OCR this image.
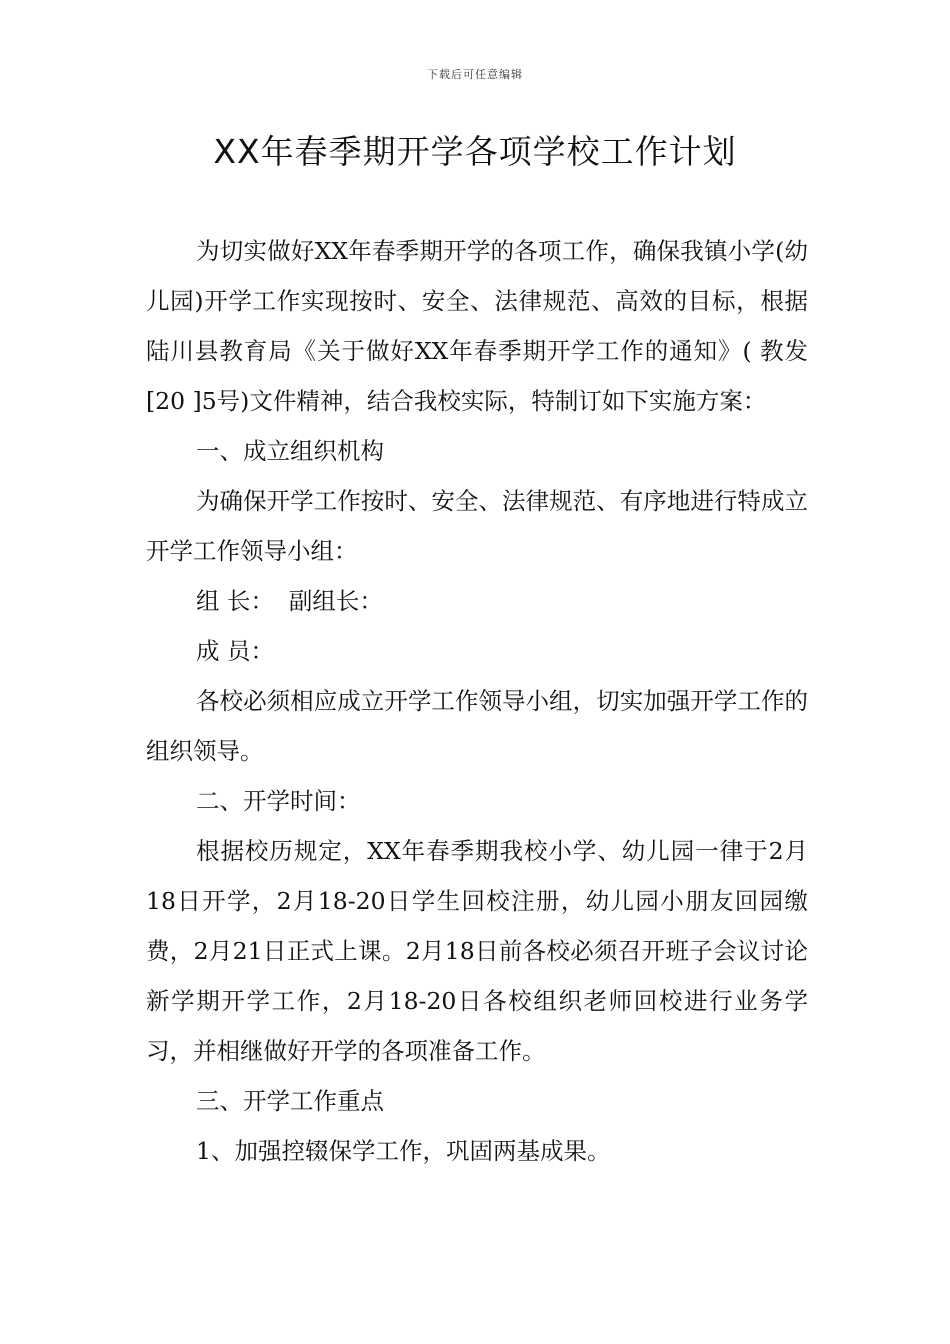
下载后可任意编辑
XX年春季期开学各项学校工作计划

为切实做好XX年春季期开学的各项工作，确保我镇小学(幼儿园)开学工作实现按时、安全、法律规范、高效的目标，根据陆川县教育局《关于做好XX年春季期开学工作的通知》( 教发[20 ]5号)文件精神，结合我校实际，特制订如下实施方案：

一、成立组织机构

为确保开学工作按时、安全、法律规范、有序地进行特成立开学工作领导小组：

组 长：  副组长：

成 员：

各校必须相应成立开学工作领导小组，切实加强开学工作的组织领导。

二、开学时间：

根据校历规定，XX年春季期我校小学、幼儿园一律于2月18日开学，2月18-20日学生回校注册，幼儿园小朋友回园缴费，2月21日正式上课。2月18日前各校必须召开班子会议讨论新学期开学工作，2月18-20日各校组织老师回校进行业务学习，并相继做好开学的各项准备工作。

三、开学工作重点

1、加强控辍保学工作，巩固两基成果。
